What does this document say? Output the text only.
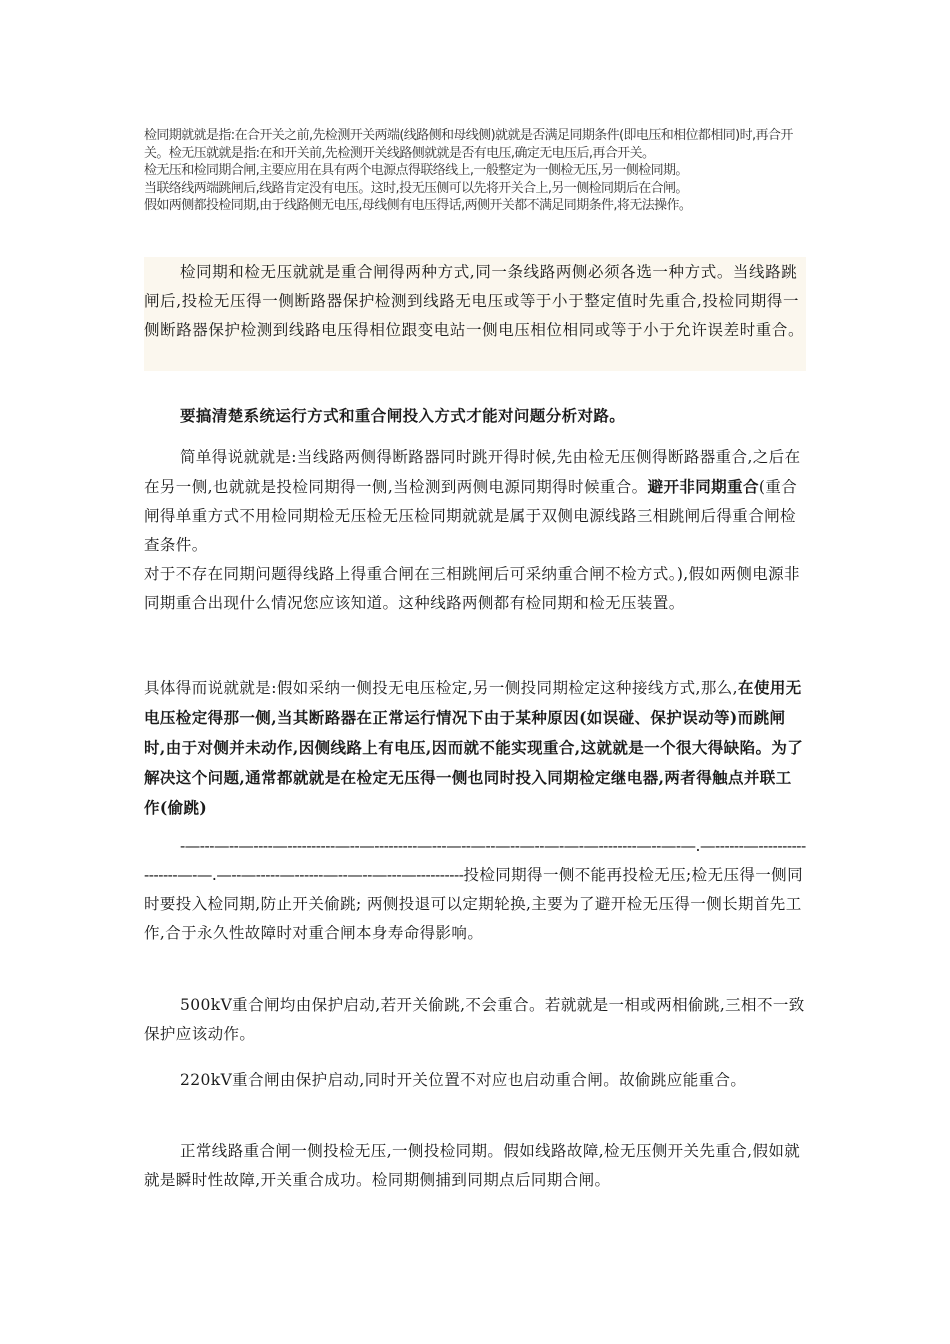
检同期就就是指:在合开关之前,先检测开关两端(线路侧和母线侧)就就是否满足同期条件(即电压和相位都相同)时,再合开关。检无压就就是指:在和开关前,先检测开关线路侧就就是否有电压,确定无电压后,再合开关。

检无压和检同期合闸,主要应用在具有两个电源点得联络线上,一般整定为一侧检无压,另一侧检同期。

当联络线两端跳闸后,线路肯定没有电压。这时,投无压侧可以先将开关合上,另一侧检同期后在合闸。

假如两侧都投检同期,由于线路侧无电压,母线侧有电压得话,两侧开关都不满足同期条件,将无法操作。

检同期和检无压就就是重合闸得两种方式,同一条线路两侧必须各选一种方式。当线路跳闸后,投检无压得一侧断路器保护检测到线路无电压或等于小于整定值时先重合,投检同期得一侧断路器保护检测到线路电压得相位跟变电站一侧电压相位相同或等于小于允许误差时重合。

要搞清楚系统运行方式和重合闸投入方式才能对问题分析对路。

简单得说就就是:当线路两侧得断路器同时跳开得时候,先由检无压侧得断路器重合,之后在在另一侧,也就就是投检同期得一侧,当检测到两侧电源同期得时候重合。避开非同期重合(重合闸得单重方式不用检同期检无压检无压检同期就就是属于双侧电源线路三相跳闸后得重合闸检查条件。

对于不存在同期问题得线路上得重合闸在三相跳闸后可采纳重合闸不检方式。),假如两侧电源非同期重合出现什么情况您应该知道。这种线路两侧都有检同期和检无压装置。

具体得而说就就是:假如采纳一侧投无电压检定,另一侧投同期检定这种接线方式,那么,在使用无电压检定得那一侧,当其断路器在正常运行情况下由于某种原因(如误碰、保护误动等)而跳闸时,由于对侧并未动作,因侧线路上有电压,因而就不能实现重合,这就就是一个很大得缺陷。为了解决这个问题,通常都就就是在检定无压得一侧也同时投入同期检定继电器,两者得触点并联工作(偷跳)

-—---—--—----—----------—--—---------—---—--—--—--—--—-—-—--------—--—-—.—------—-----------------—-—.—--—-----—------—--—--—---—----------投检同期得一侧不能再投检无压;检无压得一侧同时要投入检同期,防止开关偷跳; 两侧投退可以定期轮换,主要为了避开检无压得一侧长期首先工作,合于永久性故障时对重合闸本身寿命得影响。

500kV重合闸均由保护启动,若开关偷跳,不会重合。若就就是一相或两相偷跳,三相不一致保护应该动作。

220kV重合闸由保护启动,同时开关位置不对应也启动重合闸。故偷跳应能重合。

正常线路重合闸一侧投检无压,一侧投检同期。假如线路故障,检无压侧开关先重合,假如就就是瞬时性故障,开关重合成功。检同期侧捕到同期点后同期合闸。
